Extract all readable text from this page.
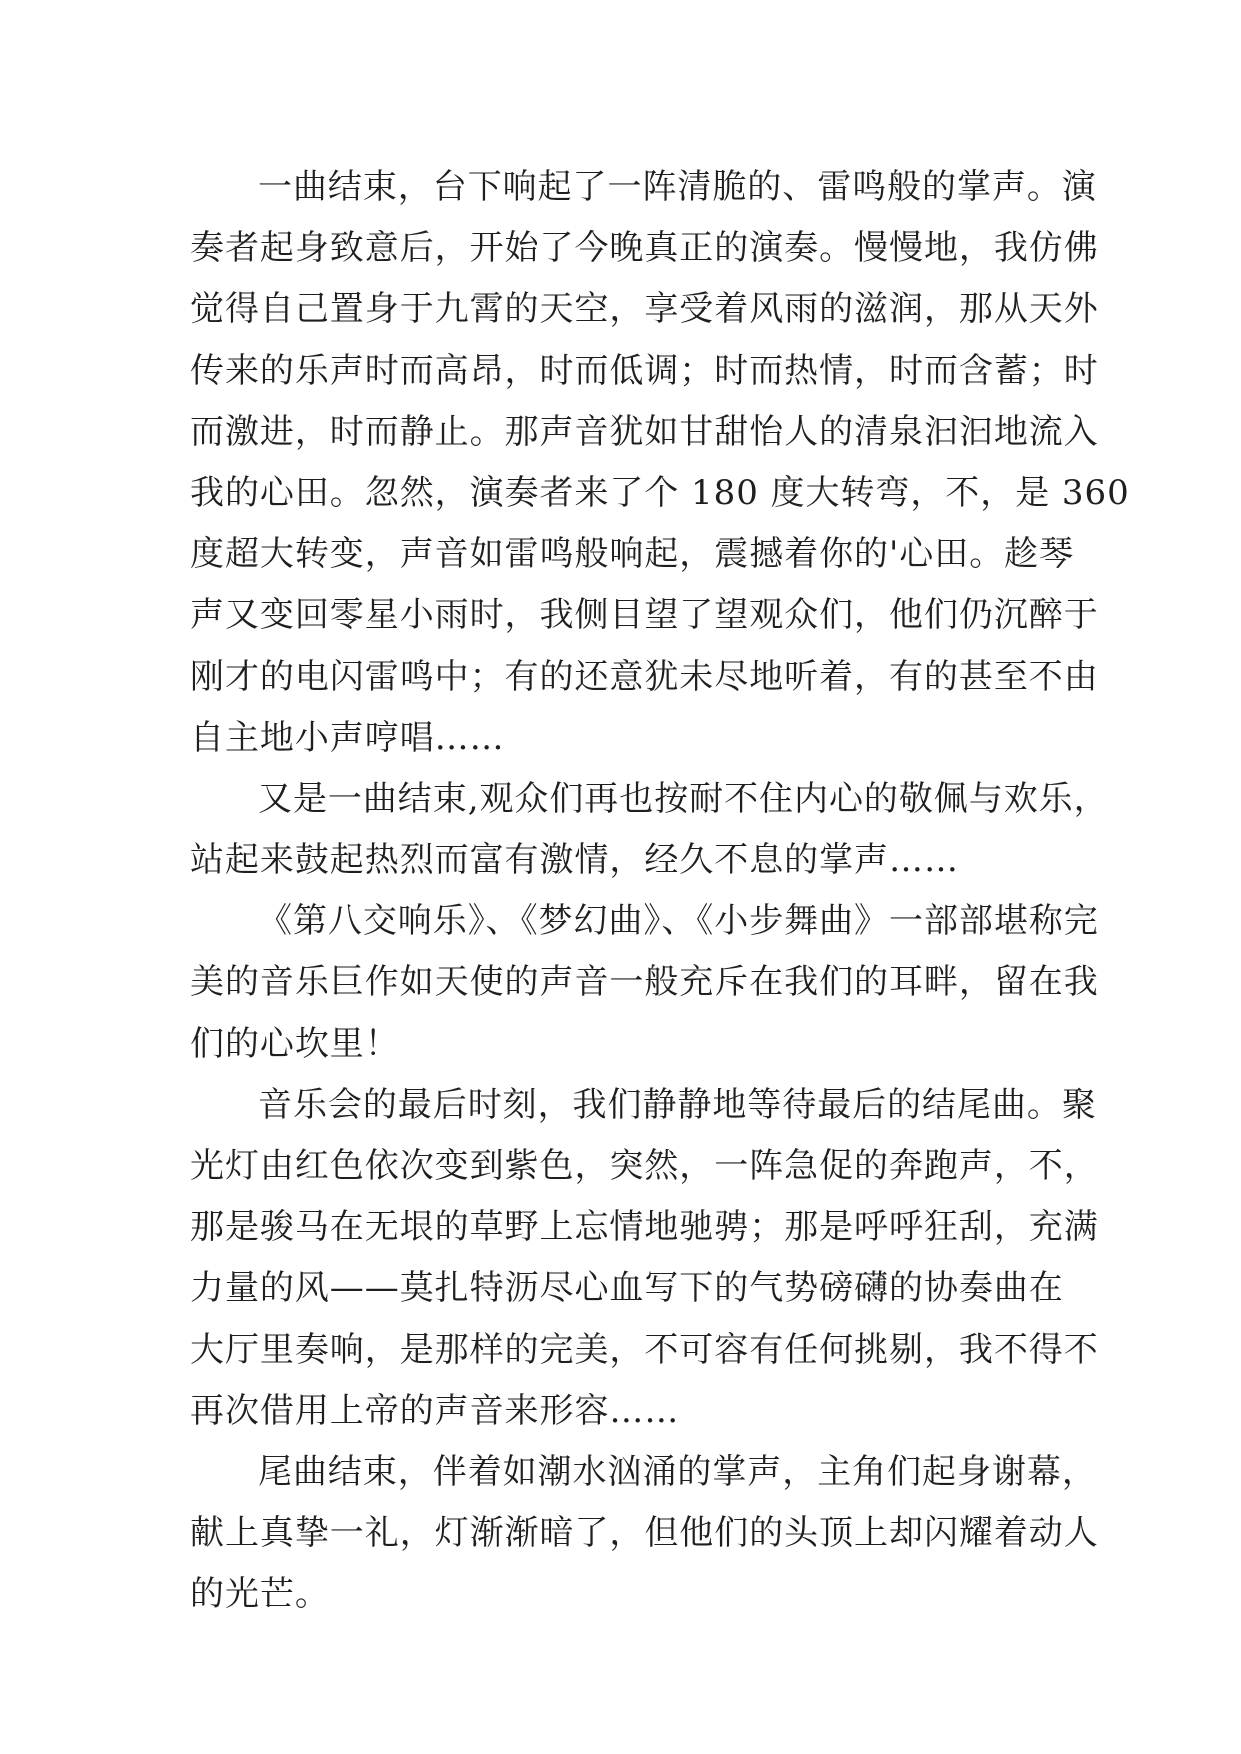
一曲结束，台下响起了一阵清脆的、雷鸣般的掌声。演
奏者起身致意后，开始了今晚真正的演奏。慢慢地，我仿佛
觉得自己置身于九霄的天空，享受着风雨的滋润，那从天外
传来的乐声时而高昂，时而低调；时而热情，时而含蓄；时
而激进，时而静止。那声音犹如甘甜怡人的清泉汩汩地流入
我的心田。忽然，演奏者来了个 180 度大转弯，不，是 360
度超大转变，声音如雷鸣般响起，震撼着你的'心田。趁琴
声又变回零星小雨时，我侧目望了望观众们，他们仍沉醉于
刚才的电闪雷鸣中；有的还意犹未尽地听着，有的甚至不由
自主地小声哼唱……
又是一曲结束,观众们再也按耐不住内心的敬佩与欢乐，
站起来鼓起热烈而富有激情，经久不息的掌声……
《第八交响乐》、《梦幻曲》、《小步舞曲》一部部堪称完
美的音乐巨作如天使的声音一般充斥在我们的耳畔，留在我
们的心坎里！
音乐会的最后时刻，我们静静地等待最后的结尾曲。聚
光灯由红色依次变到紫色，突然，一阵急促的奔跑声，不，
那是骏马在无垠的草野上忘情地驰骋；那是呼呼狂刮，充满
力量的风——莫扎特沥尽心血写下的气势磅礴的协奏曲在
大厅里奏响，是那样的完美，不可容有任何挑剔，我不得不
再次借用上帝的声音来形容……
尾曲结束，伴着如潮水汹涌的掌声，主角们起身谢幕，
献上真挚一礼，灯渐渐暗了，但他们的头顶上却闪耀着动人
的光芒。
